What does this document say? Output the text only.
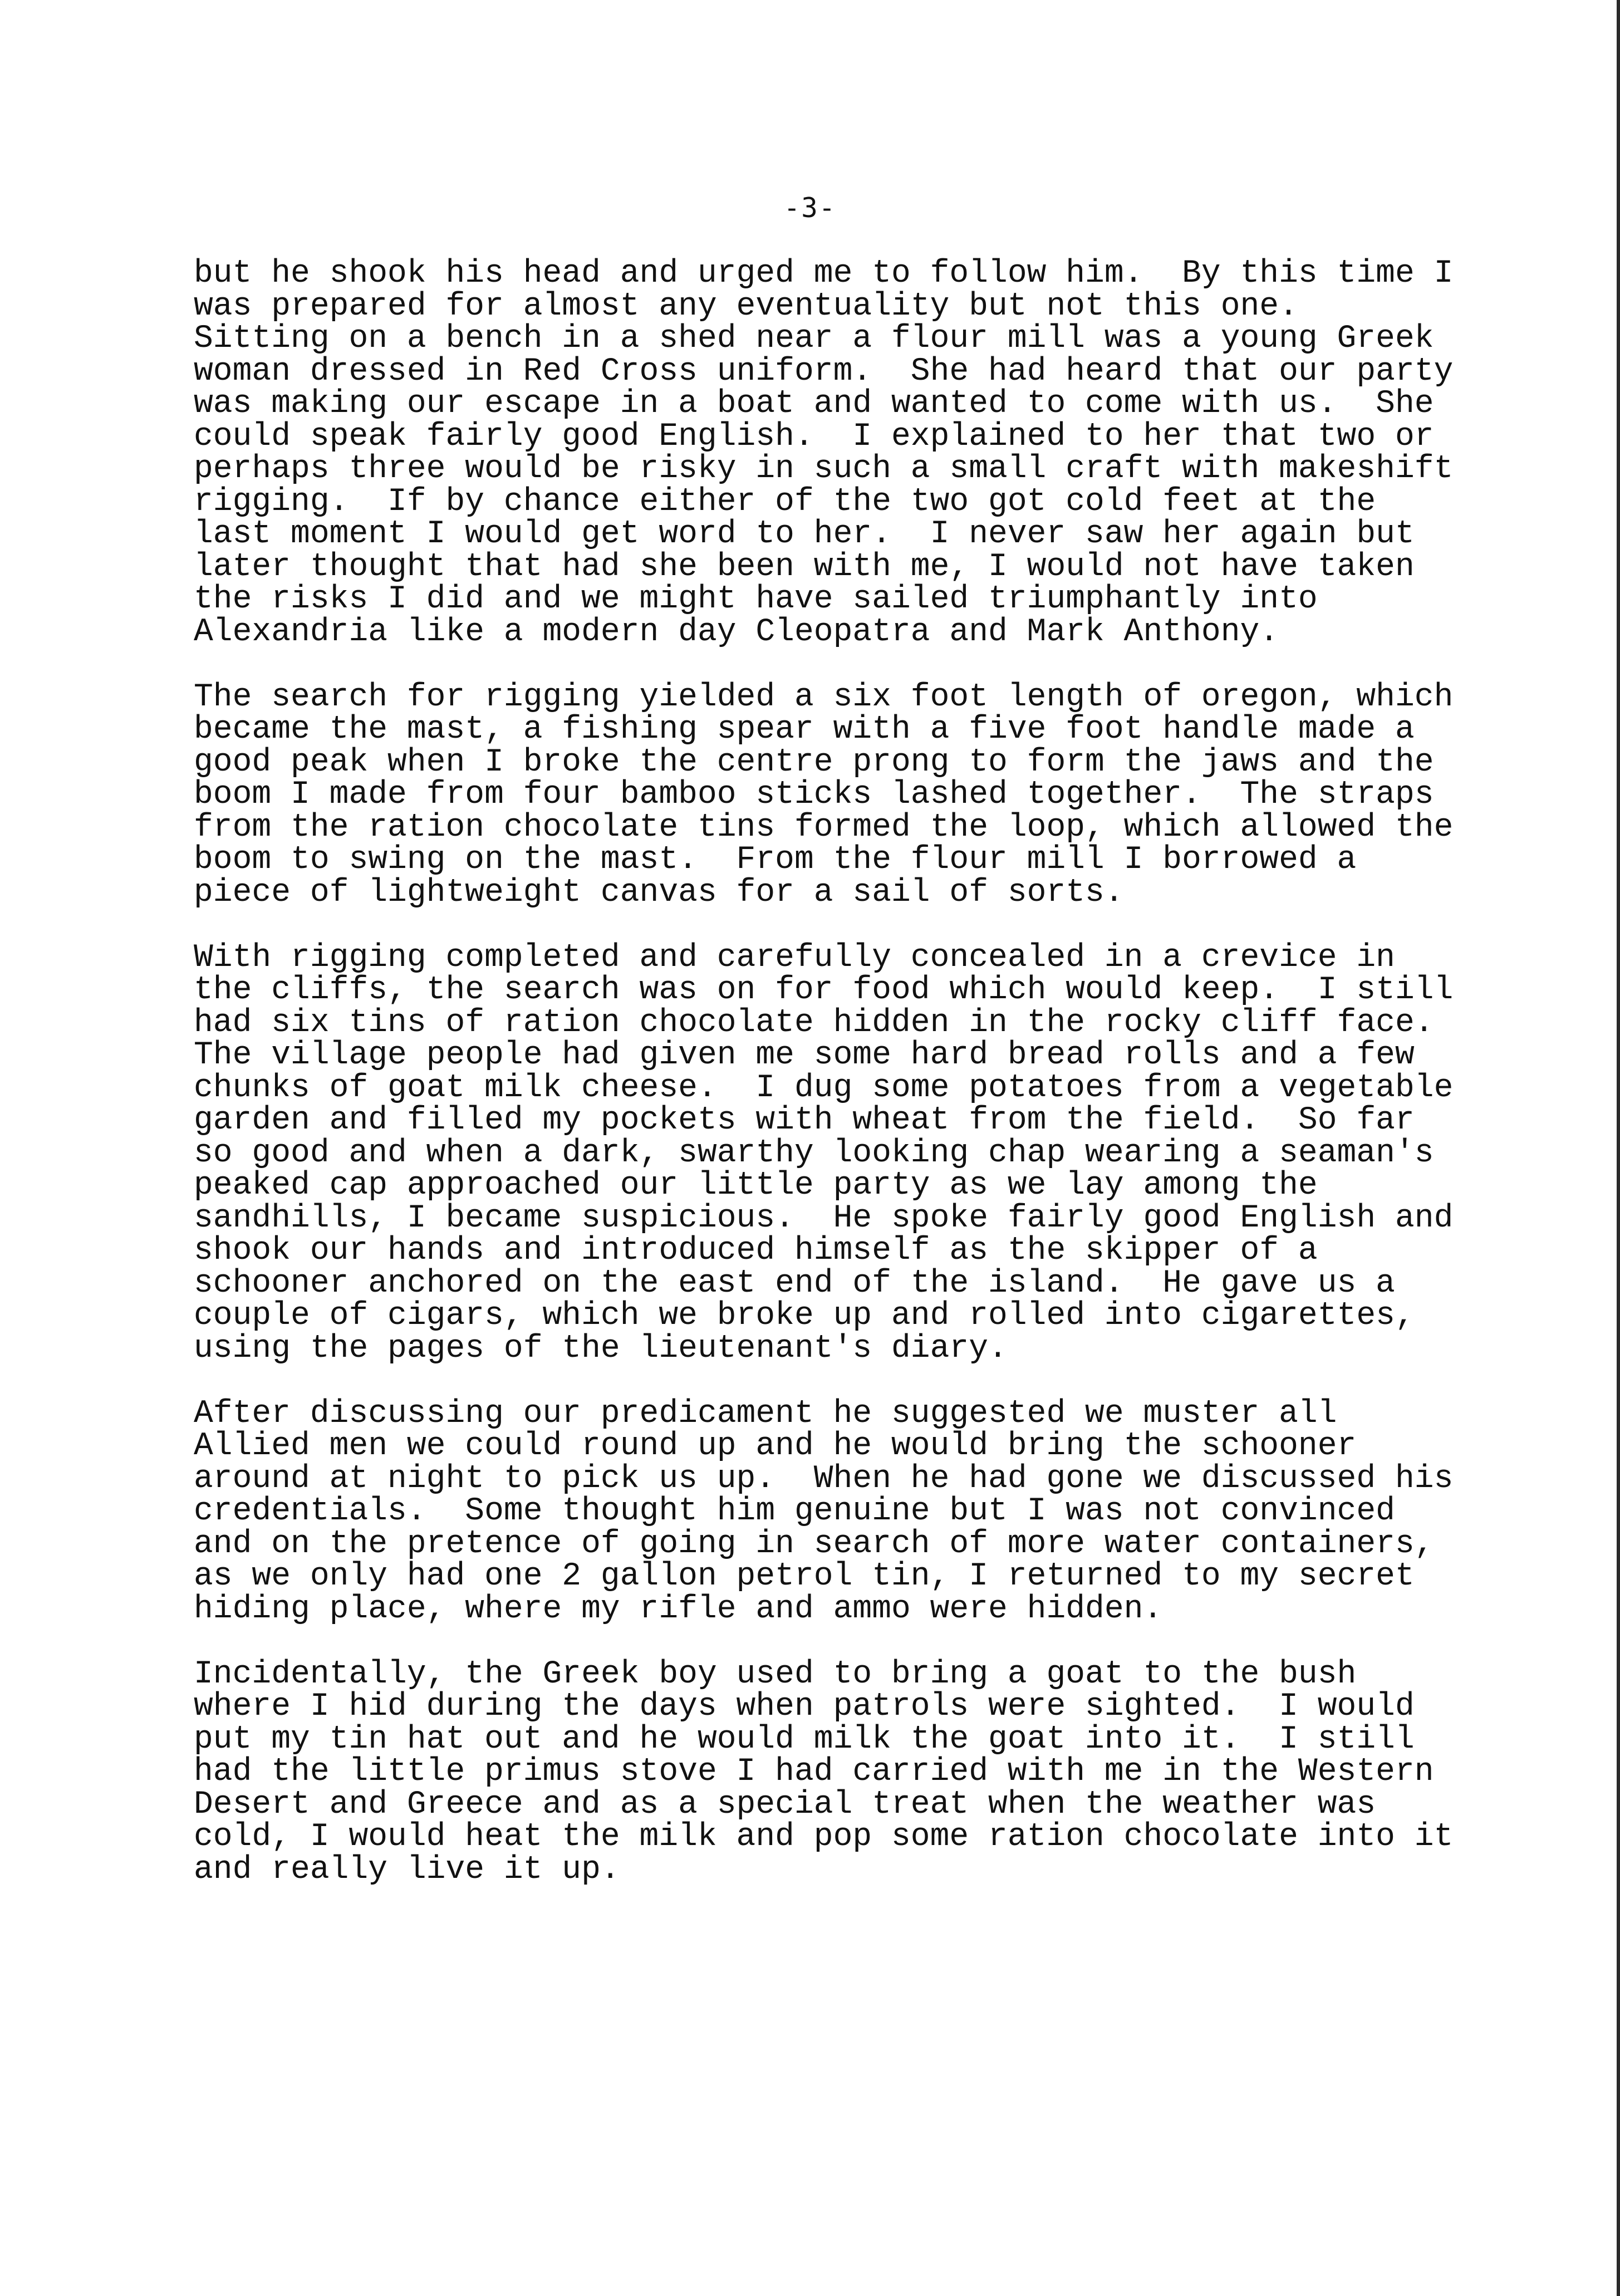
-3-
but he shook his head and urged me to follow him.  By this time I
was prepared for almost any eventuality but not this one.
Sitting on a bench in a shed near a flour mill was a young Greek
woman dressed in Red Cross uniform.  She had heard that our party
was making our escape in a boat and wanted to come with us.  She
could speak fairly good English.  I explained to her that two or
perhaps three would be risky in such a small craft with makeshift
rigging.  If by chance either of the two got cold feet at the
last moment I would get word to her.  I never saw her again but
later thought that had she been with me, I would not have taken
the risks I did and we might have sailed triumphantly into
Alexandria like a modern day Cleopatra and Mark Anthony.
The search for rigging yielded a six foot length of oregon, which
became the mast, a fishing spear with a five foot handle made a
good peak when I broke the centre prong to form the jaws and the
boom I made from four bamboo sticks lashed together.  The straps
from the ration chocolate tins formed the loop, which allowed the
boom to swing on the mast.  From the flour mill I borrowed a
piece of lightweight canvas for a sail of sorts.
With rigging completed and carefully concealed in a crevice in
the cliffs, the search was on for food which would keep.  I still
had six tins of ration chocolate hidden in the rocky cliff face.
The village people had given me some hard bread rolls and a few
chunks of goat milk cheese.  I dug some potatoes from a vegetable
garden and filled my pockets with wheat from the field.  So far
so good and when a dark, swarthy looking chap wearing a seaman's
peaked cap approached our little party as we lay among the
sandhills, I became suspicious.  He spoke fairly good English and
shook our hands and introduced himself as the skipper of a
schooner anchored on the east end of the island.  He gave us a
couple of cigars, which we broke up and rolled into cigarettes,
using the pages of the lieutenant's diary.
After discussing our predicament he suggested we muster all
Allied men we could round up and he would bring the schooner
around at night to pick us up.  When he had gone we discussed his
credentials.  Some thought him genuine but I was not convinced
and on the pretence of going in search of more water containers,
as we only had one 2 gallon petrol tin, I returned to my secret
hiding place, where my rifle and ammo were hidden.
Incidentally, the Greek boy used to bring a goat to the bush
where I hid during the days when patrols were sighted.  I would
put my tin hat out and he would milk the goat into it.  I still
had the little primus stove I had carried with me in the Western
Desert and Greece and as a special treat when the weather was
cold, I would heat the milk and pop some ration chocolate into it
and really live it up.
